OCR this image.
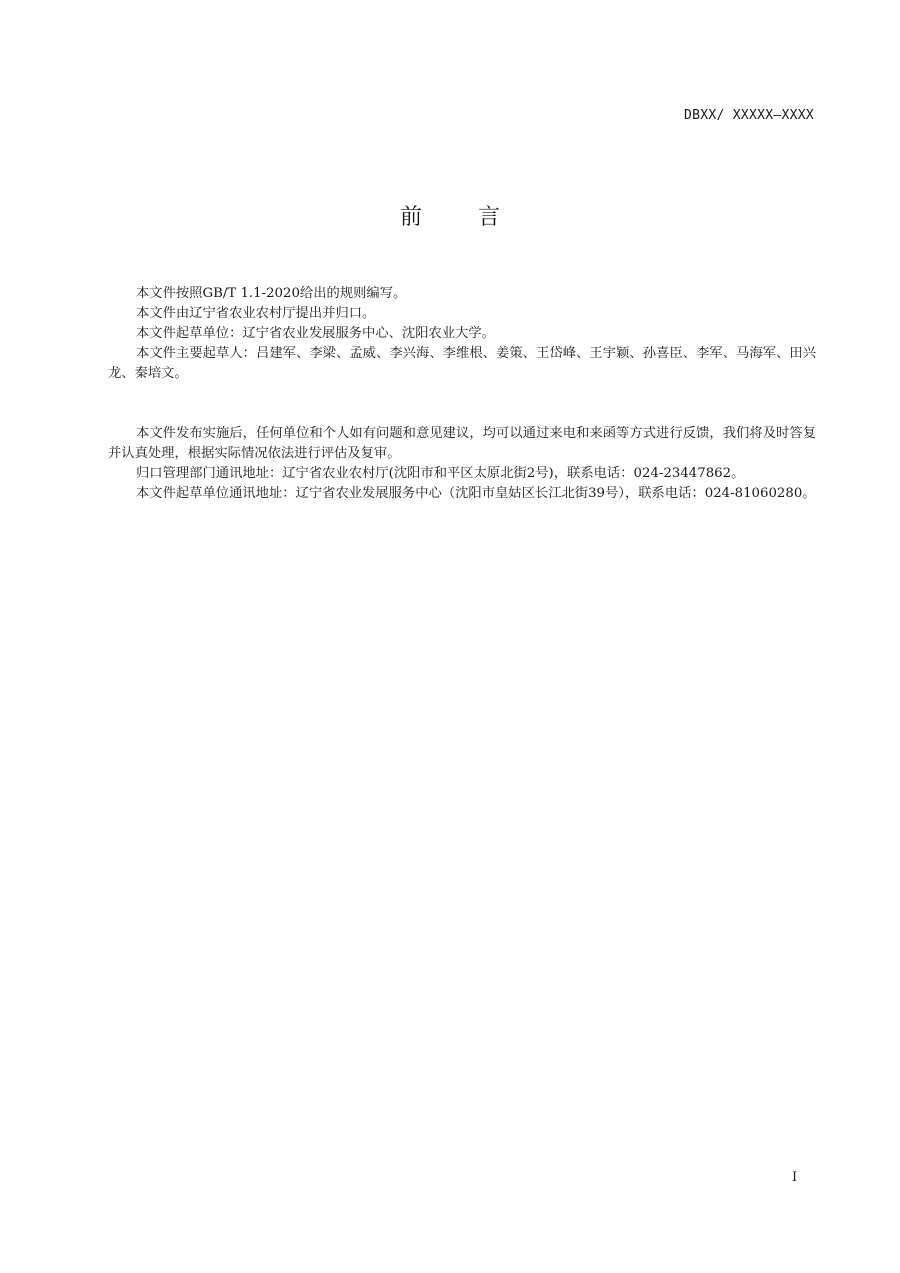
DBXX/ XXXXX—XXXX
前	言

本文件按照GB/T 1.1-2020给出的规则编写。

本文件由辽宁省农业农村厅提出并归口。

本文件起草单位：辽宁省农业发展服务中心、沈阳农业大学。

本文件主要起草人：吕建军、李梁、孟威、李兴海、李维根、姜策、王岱峰、王宇颖、孙喜臣、李军、马海军、田兴龙、秦培文。

本文件发布实施后，任何单位和个人如有问题和意见建议，均可以通过来电和来函等方式进行反馈，我们将及时答复并认真处理，根据实际情况依法进行评估及复审。

归口管理部门通讯地址：辽宁省农业农村厅(沈阳市和平区太原北街2号)，联系电话：024-23447862。

本文件起草单位通讯地址：辽宁省农业发展服务中心（沈阳市皇姑区长江北街39号），联系电话：024-81060280。

I
